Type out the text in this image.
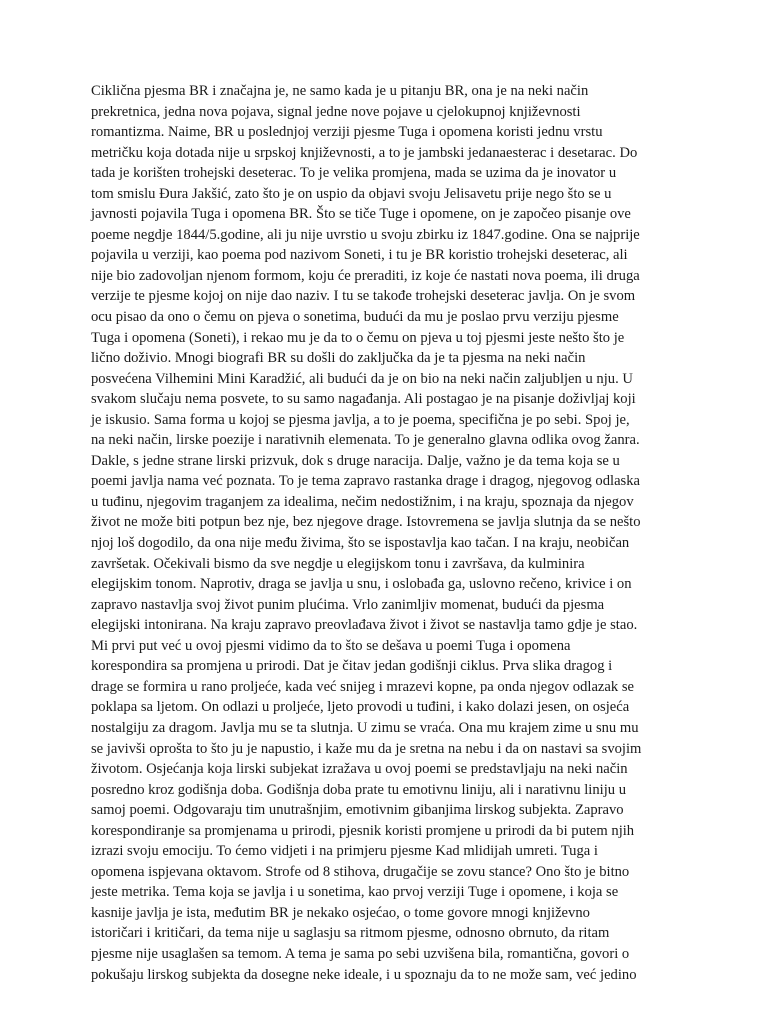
Ciklična pjesma BR i značajna je, ne samo kada je u pitanju BR, ona je na neki način
prekretnica, jedna nova pojava, signal jedne nove pojave u cjelokupnoj književnosti
romantizma. Naime, BR u poslednjoj verziji pjesme Tuga i opomena koristi jednu vrstu
metričku koja dotada nije u srpskoj književnosti, a to je jambski jedanaesterac i desetarac. Do
tada je korišten trohejski deseterac. To je velika promjena, mada se uzima da je inovator u
tom smislu Đura Jakšić, zato što je on uspio da objavi svoju Jelisavetu prije nego što se u
javnosti pojavila Tuga i opomena BR. Što se tiče Tuge i opomene, on je započeo pisanje ove
poeme negdje 1844/5.godine, ali ju nije uvrstio u svoju zbirku iz 1847.godine. Ona se najprije
pojavila u verziji, kao poema pod nazivom Soneti, i tu je BR koristio trohejski deseterac, ali
nije bio zadovoljan njenom formom, koju će preraditi, iz koje će nastati nova poema, ili druga
verzije te pjesme kojoj on nije dao naziv. I tu se takođe trohejski deseterac javlja. On je svom
ocu pisao da ono o čemu on pjeva o sonetima, budući da mu je poslao prvu verziju pjesme
Tuga i opomena (Soneti), i rekao mu je da to o čemu on pjeva u toj pjesmi jeste nešto što je
lično doživio. Mnogi biografi BR su došli do zaključka da je ta pjesma na neki način
posvećena Vilhemini Mini Karadžić, ali budući da je on bio na neki način zaljubljen u nju. U
svakom slučaju nema posvete, to su samo nagađanja. Ali postagao je na pisanje doživljaj koji
je iskusio. Sama forma u kojoj se pjesma javlja, a to je poema, specifična je po sebi. Spoj je,
na neki način, lirske poezije i narativnih elemenata. To je generalno glavna odlika ovog žanra.
Dakle, s jedne strane lirski prizvuk, dok s druge naracija. Dalje, važno je da tema koja se u
poemi javlja nama već poznata. To je tema zapravo rastanka drage i dragog, njegovog odlaska
u tuđinu, njegovim traganjem za idealima, nečim nedostižnim, i na kraju, spoznaja da njegov
život ne može biti potpun bez nje, bez njegove drage. Istovremena se javlja slutnja da se nešto
njoj loš dogodilo, da ona nije među živima, što se ispostavlja kao tačan. I na kraju, neobičan
završetak. Očekivali bismo da sve negdje u elegijskom tonu i završava, da kulminira
elegijskim tonom. Naprotiv, draga se javlja u snu, i oslobađa ga, uslovno rečeno, krivice i on
zapravo nastavlja svoj život punim plućima. Vrlo zanimljiv momenat, budući da pjesma
elegijski intonirana. Na kraju zapravo preovlađava život i život se nastavlja tamo gdje je stao.
Mi prvi put već u ovoj pjesmi vidimo da to što se dešava u poemi Tuga i opomena
korespondira sa promjena u prirodi. Dat je čitav jedan godišnji ciklus. Prva slika dragog i
drage se formira u rano proljeće, kada već snijeg i mrazevi kopne, pa onda njegov odlazak se
poklapa sa ljetom. On odlazi u proljeće, ljeto provodi u tuđini, i kako dolazi jesen, on osjeća
nostalgiju za dragom. Javlja mu se ta slutnja. U zimu se vraća. Ona mu krajem zime u snu mu
se javivši oprošta to što ju je napustio, i kaže mu da je sretna na nebu i da on nastavi sa svojim
životom. Osjećanja koja lirski subjekat izražava u ovoj poemi se predstavljaju na neki način
posredno kroz godišnja doba. Godišnja doba prate tu emotivnu liniju, ali i narativnu liniju u
samoj poemi. Odgovaraju tim unutrašnjim, emotivnim gibanjima lirskog subjekta. Zapravo
korespondiranje sa promjenama u prirodi, pjesnik koristi promjene u prirodi da bi putem njih
izrazi svoju emociju. To ćemo vidjeti i na primjeru pjesme Kad mlidijah umreti. Tuga i
opomena ispjevana oktavom. Strofe od 8 stihova, drugačije se zovu stance? Ono što je bitno
jeste metrika. Tema koja se javlja i u sonetima, kao prvoj verziji Tuge i opomene, i koja se
kasnije javlja je ista, međutim BR je nekako osjećao, o tome govore mnogi književno
istoričari i kritičari, da tema nije u saglasju sa ritmom pjesme, odnosno obrnuto, da ritam
pjesme nije usaglašen sa temom. A tema je sama po sebi uzvišena bila, romantična, govori o
pokušaju lirskog subjekta da dosegne neke ideale, i u spoznaju da to ne može sam, već jedino
